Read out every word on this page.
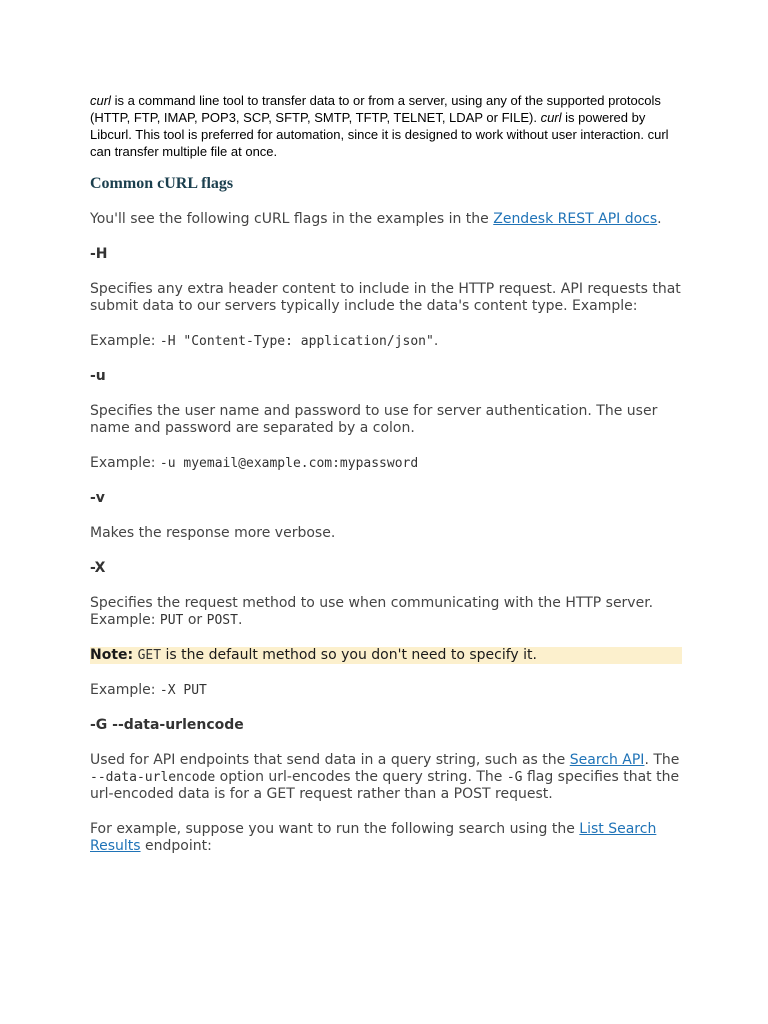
curl is a command line tool to transfer data to or from a server, using any of the supported protocols (HTTP, FTP, IMAP, POP3, SCP, SFTP, SMTP, TFTP, TELNET, LDAP or FILE). curl is powered by Libcurl. This tool is preferred for automation, since it is designed to work without user interaction. curl can transfer multiple file at once.

Common cURL flags

You'll see the following cURL flags in the examples in the Zendesk REST API docs.

-H

Specifies any extra header content to include in the HTTP request. API requests that submit data to our servers typically include the data's content type. Example:

Example: -H "Content-Type: application/json".

-u

Specifies the user name and password to use for server authentication. The user name and password are separated by a colon.

Example: -u myemail@example.com:mypassword

-v

Makes the response more verbose.

-X

Specifies the request method to use when communicating with the HTTP server. Example: PUT or POST.

Note: GET is the default method so you don't need to specify it.

Example: -X PUT

-G --data-urlencode

Used for API endpoints that send data in a query string, such as the Search API. The --data-urlencode option url-encodes the query string. The -G flag specifies that the url-encoded data is for a GET request rather than a POST request.

For example, suppose you want to run the following search using the List Search Results endpoint:
